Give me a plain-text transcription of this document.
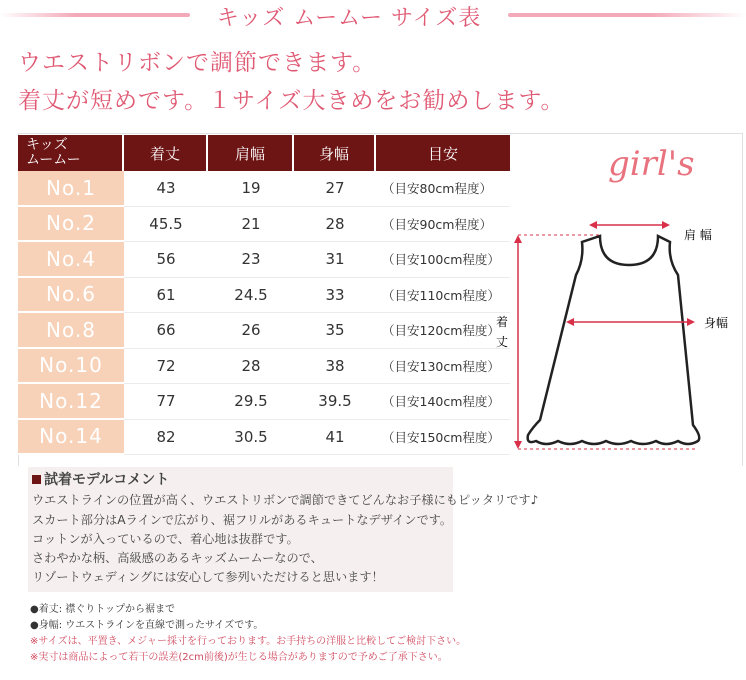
キッズ ムームー サイズ表
ウエストリボンで調節できます。
着丈が短めです。１サイズ大きめをお勧めします。
キッズ
ムームー	着丈	肩幅	身幅	目安
No.1	43	19	27	（目安80cm程度）
No.2	45.5	21	28	（目安90cm程度）
No.4	56	23	31	（目安100cm程度）
No.6	61	24.5	33	（目安110cm程度）
No.8	66	26	35	（目安120cm程度）
No.10	72	28	38	（目安130cm程度）
No.12	77	29.5	39.5	（目安140cm程度）
No.14	82	30.5	41	（目安150cm程度）
girl's
肩 幅
身幅
着
丈
試着モデルコメント
ウエストラインの位置が高く、ウエストリボンで調節できてどんなお子様にもピッタリです♪
スカート部分はAラインで広がり、裾フリルがあるキュートなデザインです。
コットンが入っているので、着心地は抜群です。
さわやかな柄、高級感のあるキッズムームーなので、
リゾートウェディングには安心して参列いただけると思います！
●着丈: 襟ぐりトップから裾まで
●身幅: ウエストラインを直線で測ったサイズです。
※サイズは、平置き、メジャー採寸を行っております。お手持ちの洋服と比較してご検討下さい。
※実寸は商品によって若干の誤差(2cm前後)が生じる場合がありますので予めご了承下さい。
